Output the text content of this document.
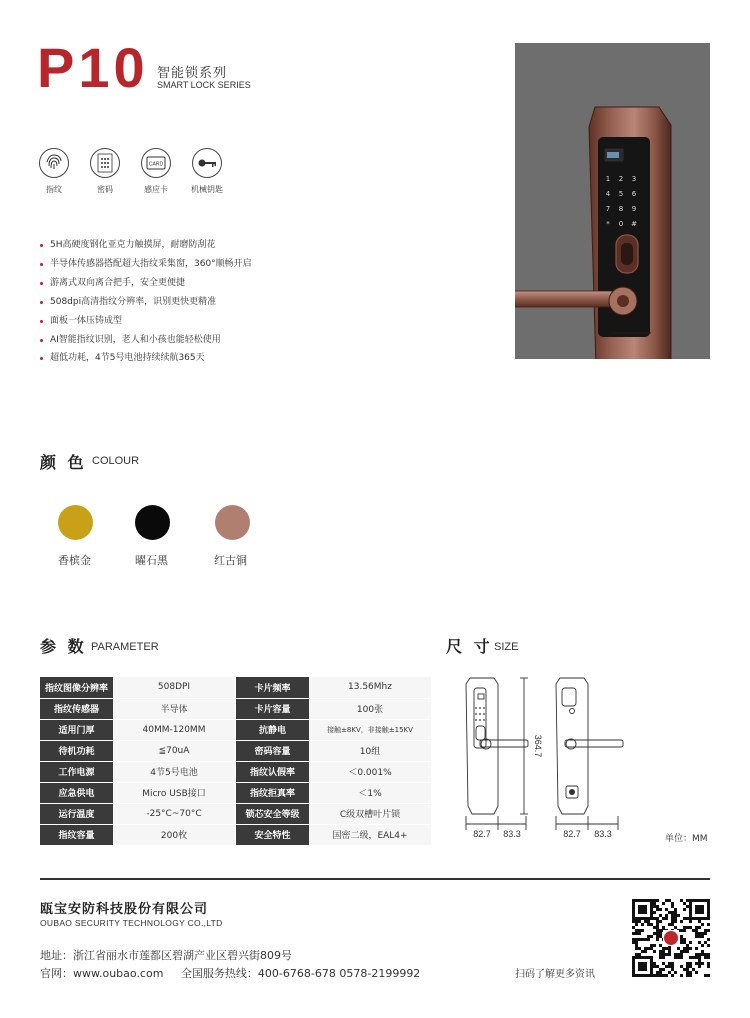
P10 智能锁系列
SMART LOCK SERIES
1 2 3
4 5 6
7 8 9
* 0 #
指纹	密码
CARD
感应卡	机械钥匙
5H高硬度钢化亚克力触摸屏，耐磨防刮花
半导体传感器搭配超大指纹采集窗，360°顺畅开启
游离式双向离合把手，安全更便捷
508dpi高清指纹分辨率，识别更快更精准
面板一体压铸成型
AI智能指纹识别，老人和小孩也能轻松使用
超低功耗，4节5号电池持续续航365天
颜 色 COLOUR
香槟金	曜石黑	红古铜
参 数 PARAMETER
指纹图像分辨率	508DPI		卡片频率	13.56Mhz
指纹传感器	半导体		卡片容量	100张
适用门厚	40MM-120MM		抗静电	接触±8KV，非接触±15KV
待机功耗	≦70uA		密码容量	10组
工作电源	4节5号电池		指纹认假率	＜0.001%
应急供电	Micro USB接口		指纹拒真率	＜1%
运行温度	-25°C~70°C		锁芯安全等级	C级双槽叶片锁
指纹容量	200枚		安全特性	国密二级，EAL4+
尺 寸 SIZE
364.7
82.7 83.3	82.7 83.3	单位：MM
瓯宝安防科技股份有限公司
OUBAO SECURITY TECHNOLOGY CO.,LTD
地址：浙江省丽水市莲都区碧湖产业区碧兴街809号
官网：www.oubao.com 全国服务热线：400-6768-678 0578-2199992	扫码了解更多资讯
